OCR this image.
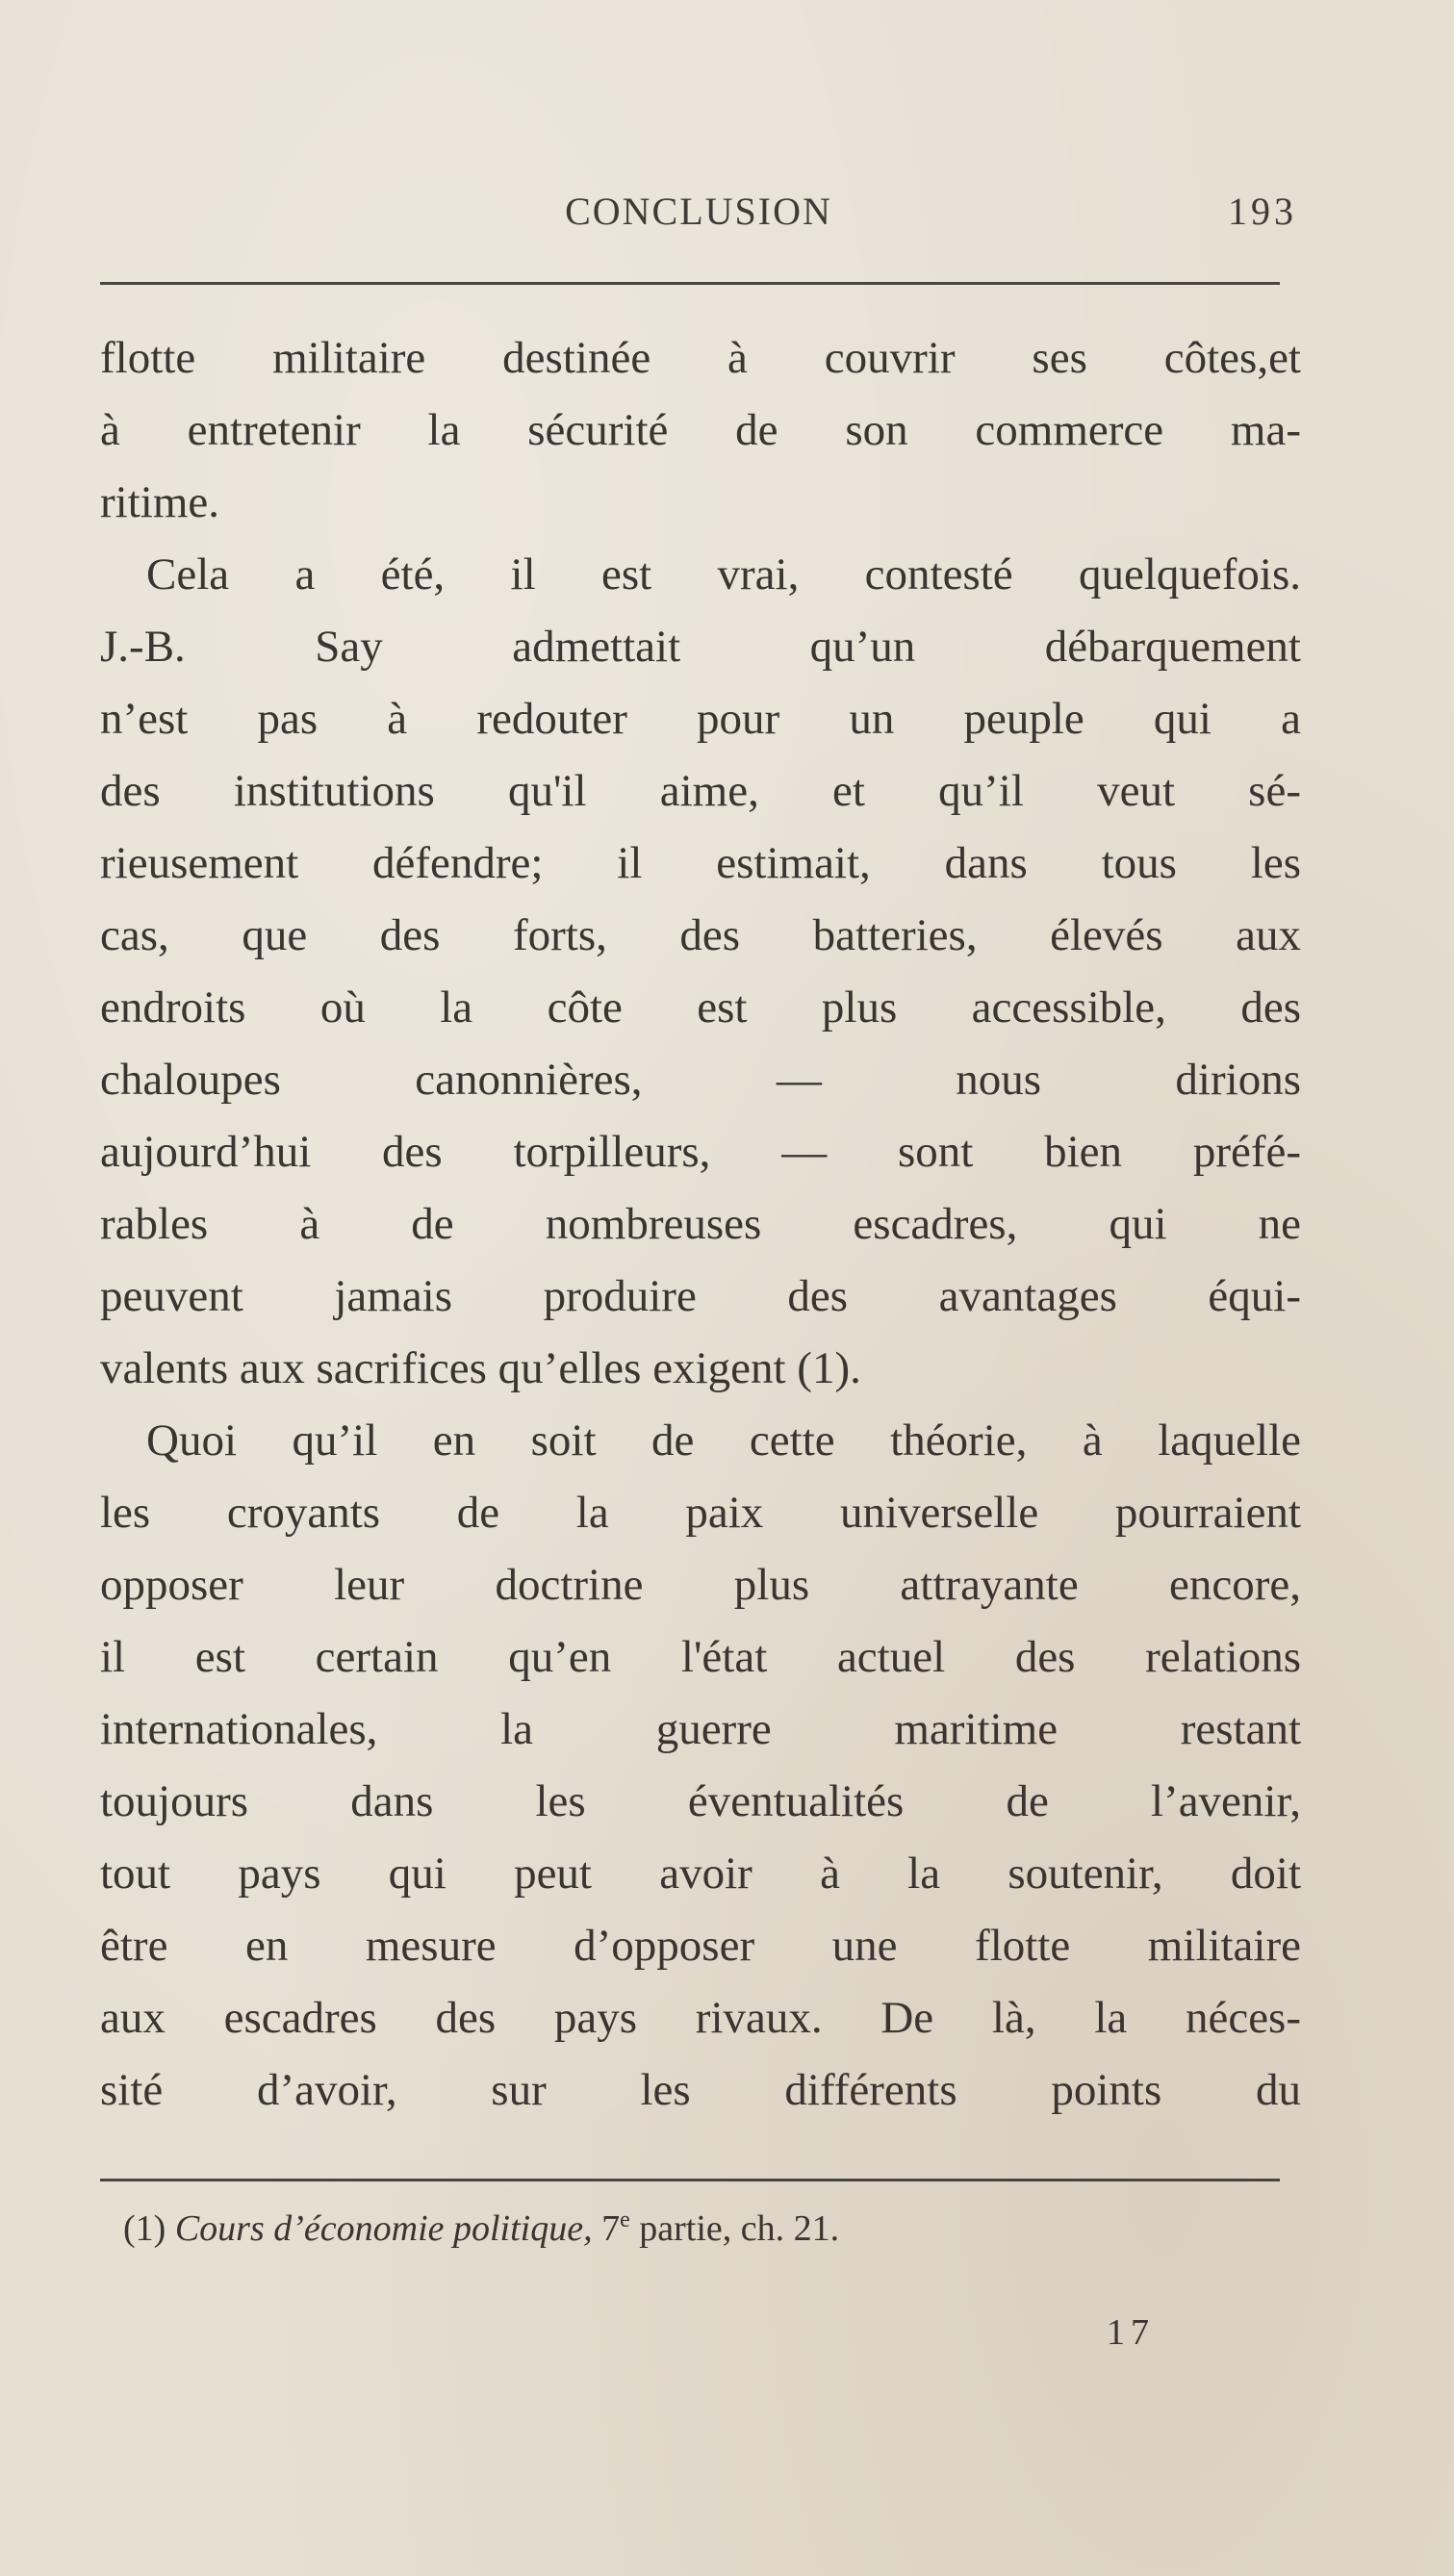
CONCLUSION	193
flotte militaire destinée à couvrir ses côtes,et
à entretenir la sécurité de son commerce ma-
ritime.
Cela a été, il est vrai, contesté quelquefois.
J.-B. Say admettait qu’un débarquement
n’est pas à redouter pour un peuple qui a
des institutions qu'il aime, et qu’il veut sé-
rieusement défendre; il estimait, dans tous les
cas, que des forts, des batteries, élevés aux
endroits où la côte est plus accessible, des
chaloupes canonnières, — nous dirions
aujourd’hui des torpilleurs, — sont bien préfé-
rables à de nombreuses escadres, qui ne
peuvent jamais produire des avantages équi-
valents aux sacrifices qu’elles exigent (1).
Quoi qu’il en soit de cette théorie, à laquelle
les croyants de la paix universelle pourraient
opposer leur doctrine plus attrayante encore,
il est certain qu’en l'état actuel des relations
internationales, la guerre maritime restant
toujours dans les éventualités de l’avenir,
tout pays qui peut avoir à la soutenir, doit
être en mesure d’opposer une flotte militaire
aux escadres des pays rivaux. De là, la néces-
sité d’avoir, sur les différents points du
(1) Cours d’économie politique, 7e partie, ch. 21.
17
